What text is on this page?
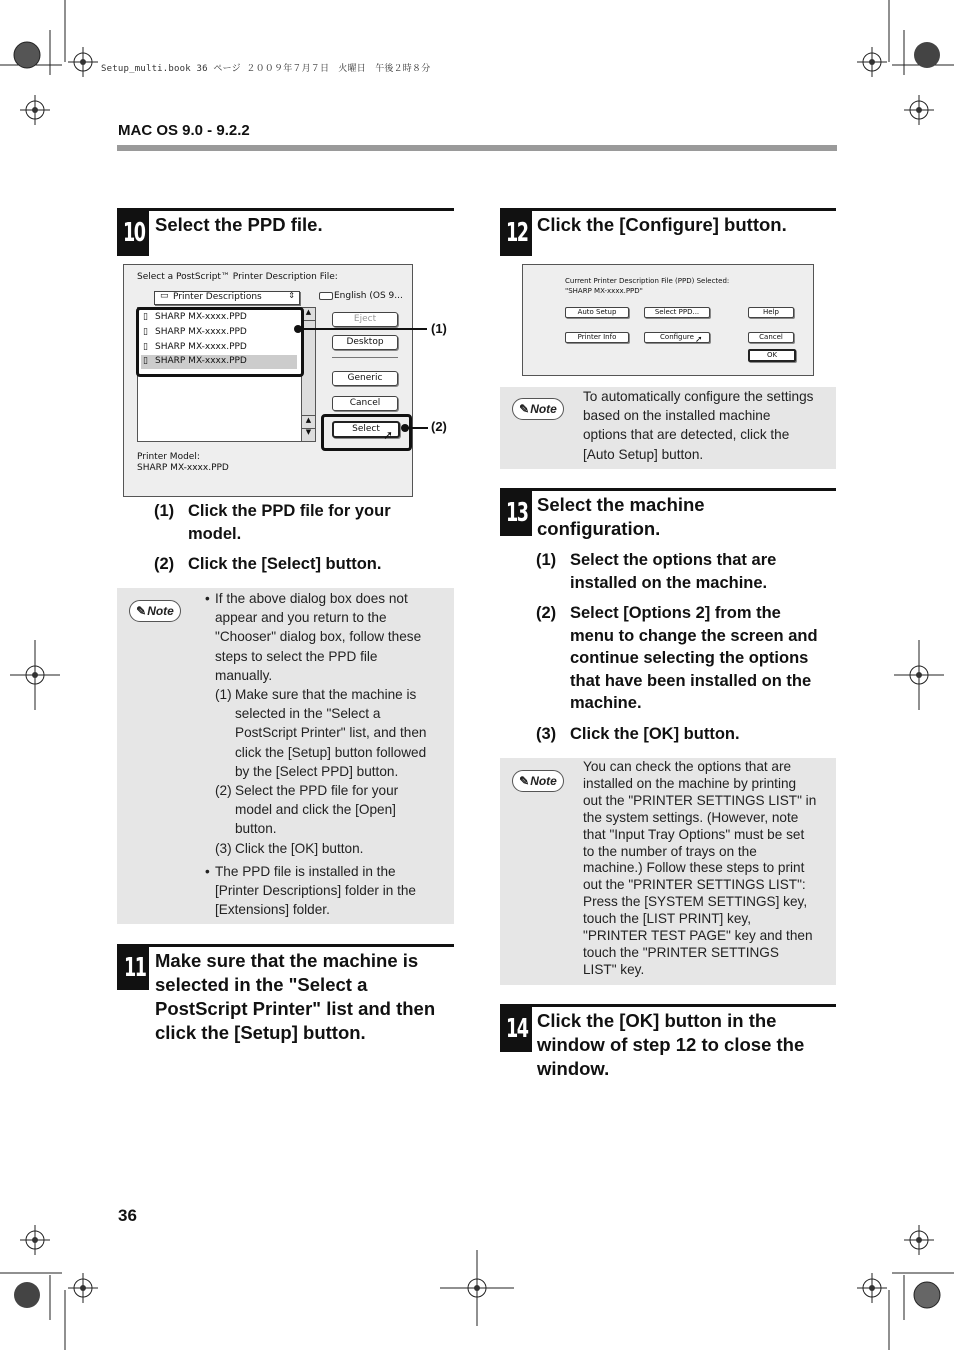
Setup_multi.book 36 ページ ２００９年７月７日　火曜日　午後２時８分
MAC OS 9.0 - 9.2.2
10 Select the PPD file.
Select a PostScript™ Printer Description File:
▭ Printer Descriptions	⇕	English (OS 9...
▲
▲
▼
▯ SHARP MX-xxxx.PPD
▯ SHARP MX-xxxx.PPD
▯ SHARP MX-xxxx.PPD
▯ SHARP MX-xxxx.PPD
Eject
Desktop
Generic
Cancel
Select ➚
Printer Model:
SHARP MX-xxxx.PPD
(1)
(2)
(1) Click the PPD file for your
model.
(2) Click the [Select] button.
✎ Note
• If the above dialog box does not
appear and you return to the
"Chooser" dialog box, follow these
steps to select the PPD file
manually.
(1) Make sure that the machine is
selected in the "Select a
PostScript Printer" list, and then
click the [Setup] button followed
by the [Select PPD] button.
(2) Select the PPD file for your
model and click the [Open]
button.
(3) Click the [OK] button.
• The PPD file is installed in the
[Printer Descriptions] folder in the
[Extensions] folder.
11 Make sure that the machine is
selected in the "Select a
PostScript Printer" list and then
click the [Setup] button.
12 Click the [Configure] button.
Current Printer Description File (PPD) Selected:
"SHARP MX-xxxx.PPD"
Auto Setup	Select PPD...	Help
Printer Info	Configure ➚	Cancel
OK
✎ Note
To automatically configure the settings
based on the installed machine
options that are detected, click the
[Auto Setup] button.
13 Select the machine
configuration.
(1) Select the options that are
installed on the machine.
(2) Select [Options 2] from the
menu to change the screen and
continue selecting the options
that have been installed on the
machine.
(3) Click the [OK] button.
✎ Note
You can check the options that are
installed on the machine by printing
out the "PRINTER SETTINGS LIST" in
the system settings. (However, note
that "Input Tray Options" must be set
to the number of trays on the
machine.) Follow these steps to print
out the "PRINTER SETTINGS LIST":
Press the [SYSTEM SETTINGS] key,
touch the [LIST PRINT] key,
"PRINTER TEST PAGE" key and then
touch the "PRINTER SETTINGS
LIST" key.
14 Click the [OK] button in the
window of step 12 to close the
window.
36
